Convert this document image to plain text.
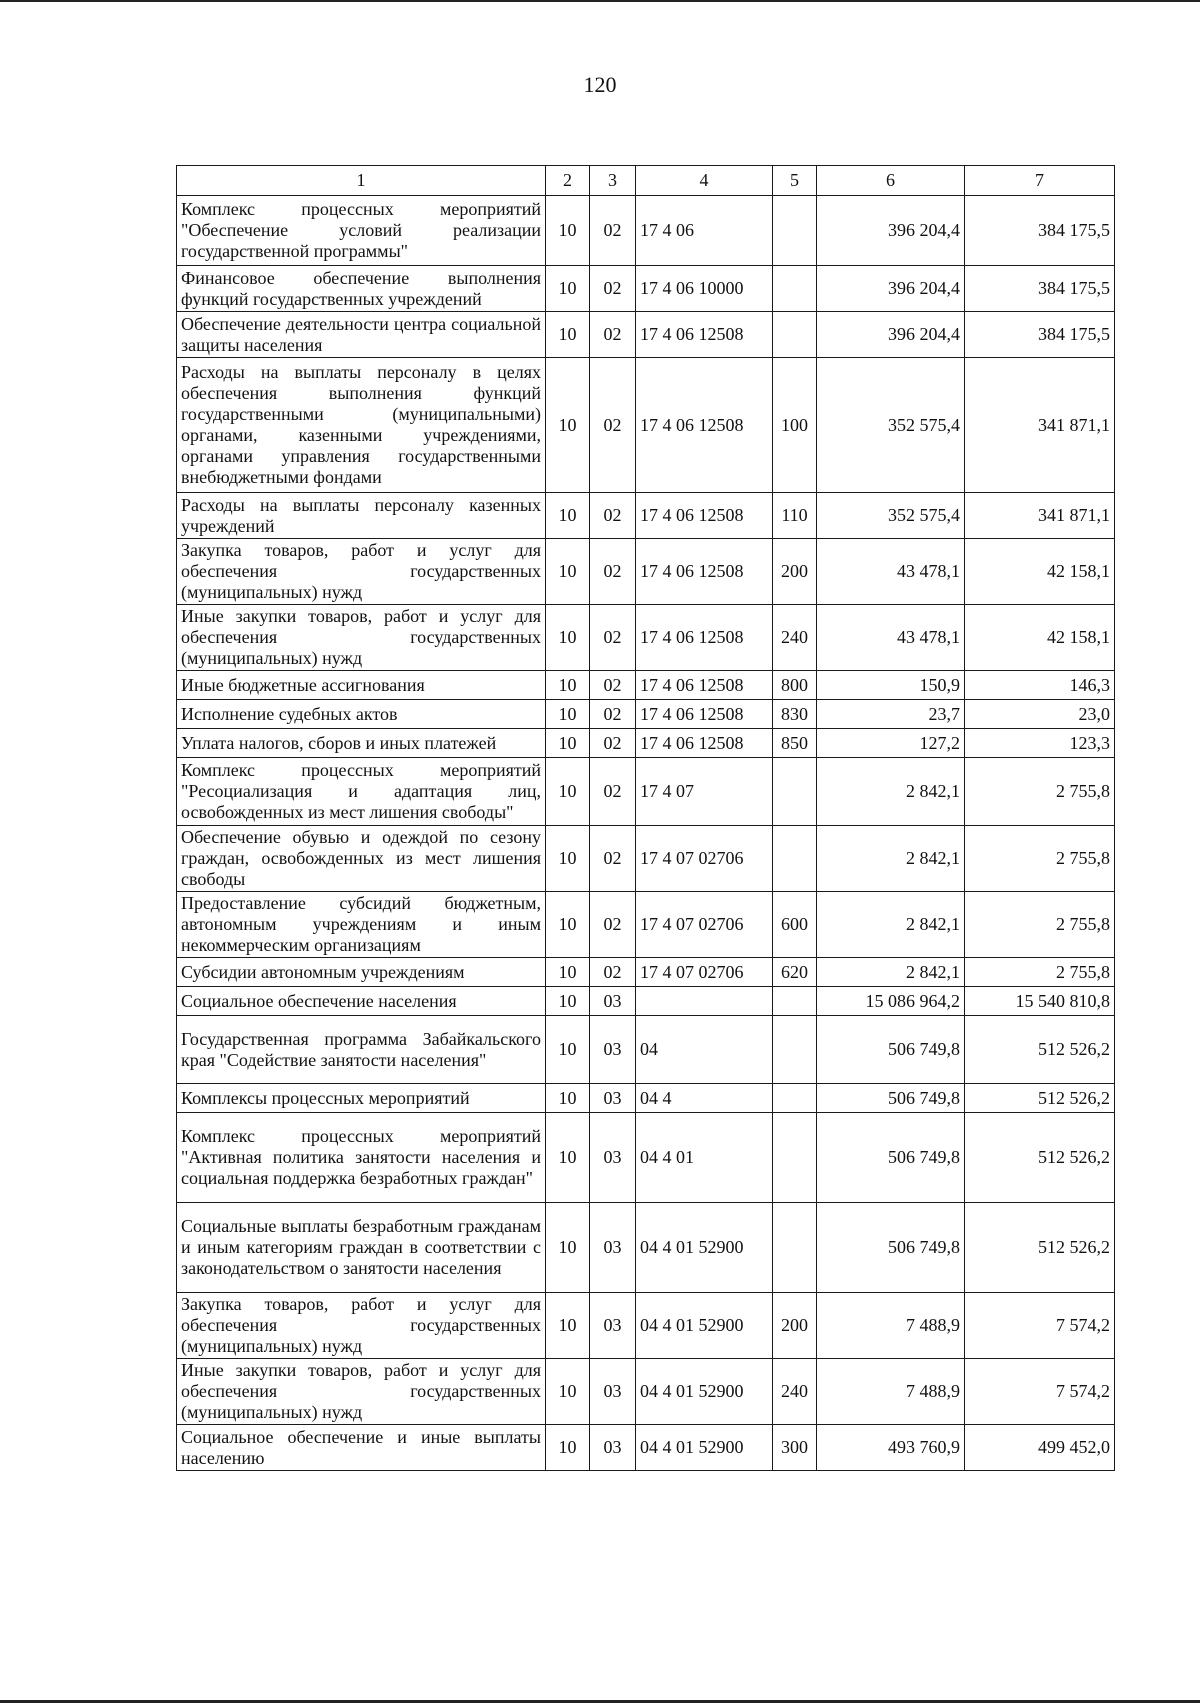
120
1	2	3	4	5	6	7
Комплекс процессных мероприятий "Обеспечение условий реализации государственной программы"	10	02	17 4 06		396 204,4	384 175,5
Финансовое обеспечение выполнения функций государственных учреждений	10	02	17 4 06 10000		396 204,4	384 175,5
Обеспечение деятельности центра социальной защиты населения	10	02	17 4 06 12508		396 204,4	384 175,5
Расходы на выплаты персоналу в целях обеспечения выполнения функций государственными (муниципальными) органами, казенными учреждениями, органами управления государственными внебюджетными фондами	10	02	17 4 06 12508	100	352 575,4	341 871,1
Расходы на выплаты персоналу казенных учреждений	10	02	17 4 06 12508	110	352 575,4	341 871,1
Закупка товаров, работ и услуг для обеспечения государственных (муниципальных) нужд	10	02	17 4 06 12508	200	43 478,1	42 158,1
Иные закупки товаров, работ и услуг для обеспечения государственных (муниципальных) нужд	10	02	17 4 06 12508	240	43 478,1	42 158,1
Иные бюджетные ассигнования	10	02	17 4 06 12508	800	150,9	146,3
Исполнение судебных актов	10	02	17 4 06 12508	830	23,7	23,0
Уплата налогов, сборов и иных платежей	10	02	17 4 06 12508	850	127,2	123,3
Комплекс процессных мероприятий "Ресоциализация и адаптация лиц, освобожденных из мест лишения свободы"	10	02	17 4 07		2 842,1	2 755,8
Обеспечение обувью и одеждой по сезону граждан, освобожденных из мест лишения свободы	10	02	17 4 07 02706		2 842,1	2 755,8
Предоставление субсидий бюджетным, автономным учреждениям и иным некоммерческим организациям	10	02	17 4 07 02706	600	2 842,1	2 755,8
Субсидии автономным учреждениям	10	02	17 4 07 02706	620	2 842,1	2 755,8
Социальное обеспечение населения	10	03			15 086 964,2	15 540 810,8
Государственная программа Забайкальского края "Содействие занятости населения"	10	03	04		506 749,8	512 526,2
Комплексы процессных мероприятий	10	03	04 4		506 749,8	512 526,2
Комплекс процессных мероприятий "Активная политика занятости населения и социальная поддержка безработных граждан"	10	03	04 4 01		506 749,8	512 526,2
Социальные выплаты безработным гражданам и иным категориям граждан в соответствии с законодательством о занятости населения	10	03	04 4 01 52900		506 749,8	512 526,2
Закупка товаров, работ и услуг для обеспечения государственных (муниципальных) нужд	10	03	04 4 01 52900	200	7 488,9	7 574,2
Иные закупки товаров, работ и услуг для обеспечения государственных (муниципальных) нужд	10	03	04 4 01 52900	240	7 488,9	7 574,2
Социальное обеспечение и иные выплаты населению	10	03	04 4 01 52900	300	493 760,9	499 452,0
